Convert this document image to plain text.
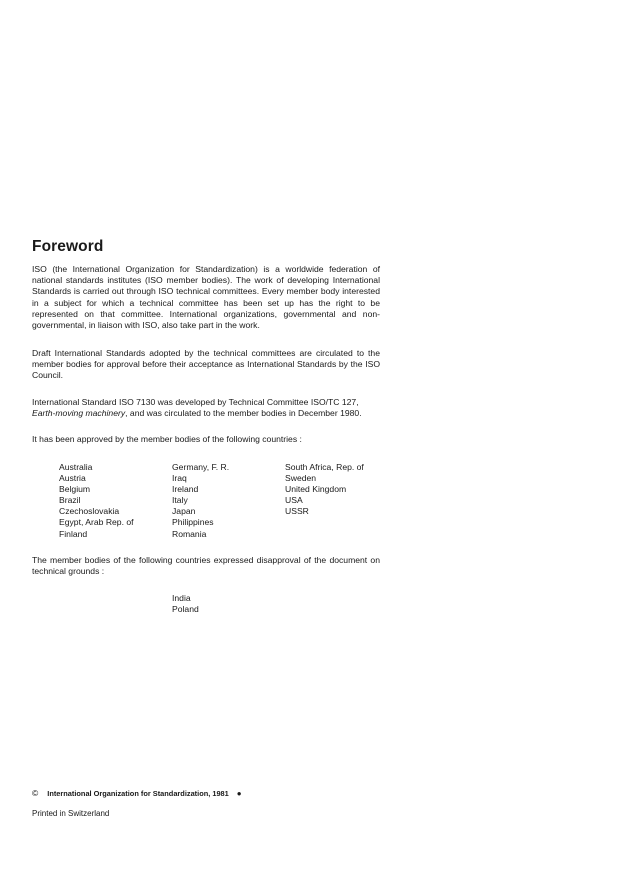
Foreword

ISO (the International Organization for Standardization) is a worldwide federation of national standards institutes (ISO member bodies). The work of developing International Standards is carried out through ISO technical committees. Every member body interested in a subject for which a technical committee has been set up has the right to be represented on that committee. International organizations, governmental and non-governmental, in liaison with ISO, also take part in the work.

Draft International Standards adopted by the technical committees are circulated to the member bodies for approval before their acceptance as International Standards by the ISO Council.

International Standard ISO 7130 was developed by Technical Committee ISO/TC 127,
Earth-moving machinery, and was circulated to the member bodies in December 1980.

It has been approved by the member bodies of the following countries :

Australia
Austria
Belgium
Brazil
Czechoslovakia
Egypt, Arab Rep. of
Finland
Germany, F. R.
Iraq
Ireland
Italy
Japan
Philippines
Romania
South Africa, Rep. of
Sweden
United Kingdom
USA
USSR

The member bodies of the following countries expressed disapproval of the document on technical grounds :

India
Poland

© International Organization for Standardization, 1981 ●

Printed in Switzerland
